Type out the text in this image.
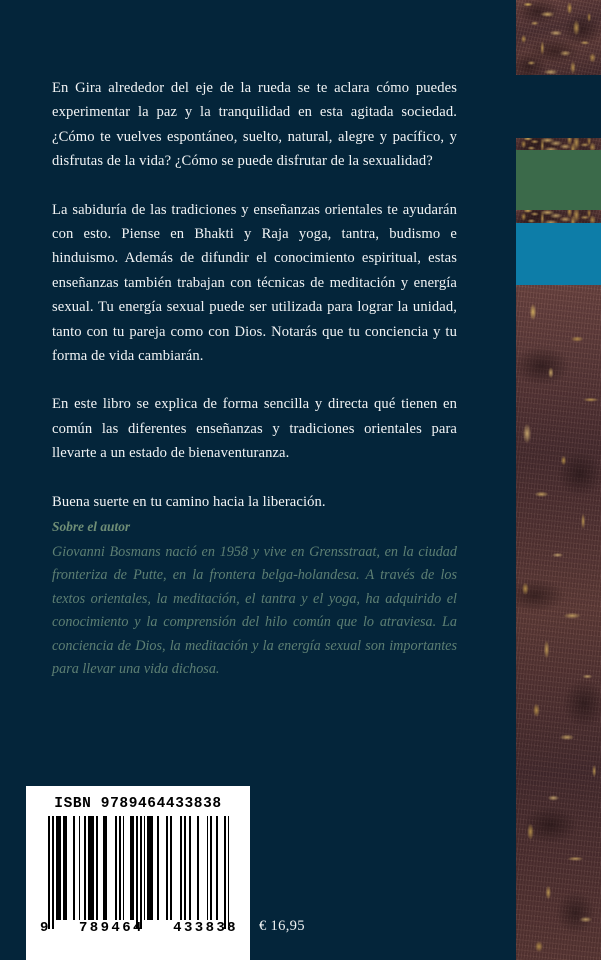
En Gira alrededor del eje de la rueda se te aclara cómo puedes experimentar la paz y la tranquilidad en esta agitada sociedad. ¿Cómo te vuelves espontáneo, suelto, natural, alegre y pacífico, y disfrutas de la vida? ¿Cómo se puede disfrutar de la sexualidad?

La sabiduría de las tradiciones y enseñanzas orientales te ayudarán con esto. Piense en Bhakti y Raja yoga, tantra, budismo e hinduismo. Además de difundir el conocimiento espiritual, estas enseñanzas también trabajan con técnicas de meditación y energía sexual. Tu energía sexual puede ser utilizada para lograr la unidad, tanto con tu pareja como con Dios. Notarás que tu conciencia y tu forma de vida cambiarán.

En este libro se explica de forma sencilla y directa qué tienen en común las diferentes enseñanzas y tradiciones orientales para llevarte a un estado de bienaventuranza.

Buena suerte en tu camino hacia la liberación.

Sobre el autor

Giovanni Bosmans nació en 1958 y vive en Grensstraat, en la ciudad fronteriza de Putte, en la frontera belga-holandesa. A través de los textos orientales, la meditación, el tantra y el yoga, ha adquirido el conocimiento y la comprensión del hilo común que lo atraviesa. La conciencia de Dios, la meditación y la energía sexual son importantes para llevar una vida dichosa.

ISBN 9789464433838
9 789464 433838 € 16,95
